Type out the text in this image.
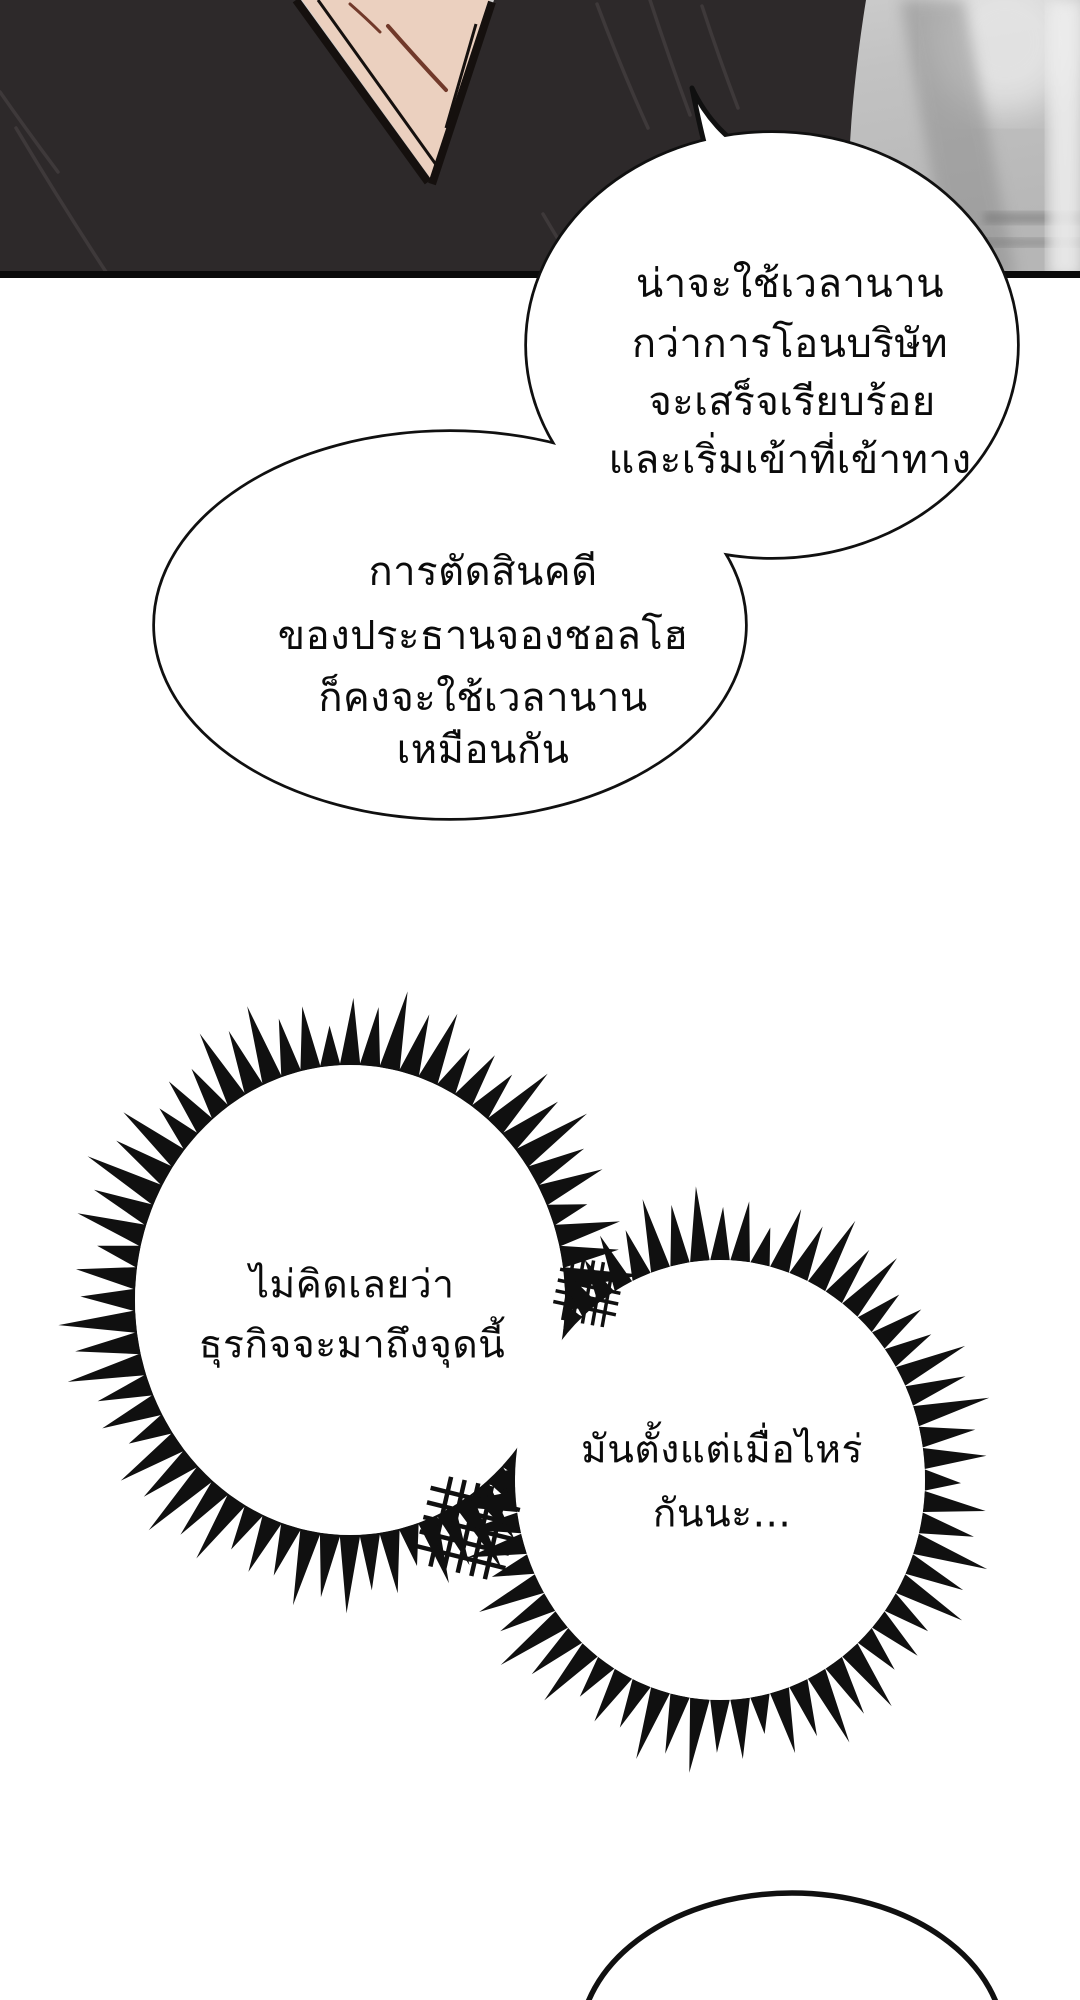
น่าจะใช้เวลานาน
กว่าการโอนบริษัท
จะเสร็จเรียบร้อย
และเริ่มเข้าที่เข้าทาง
การตัดสินคดี
ของประธานจองชอลโฮ
ก็คงจะใช้เวลานาน
เหมือนกัน
ไม่คิดเลยว่า
ธุรกิจจะมาถึงจุดนี้
มันตั้งแต่เมื่อไหร่
กันนะ...
